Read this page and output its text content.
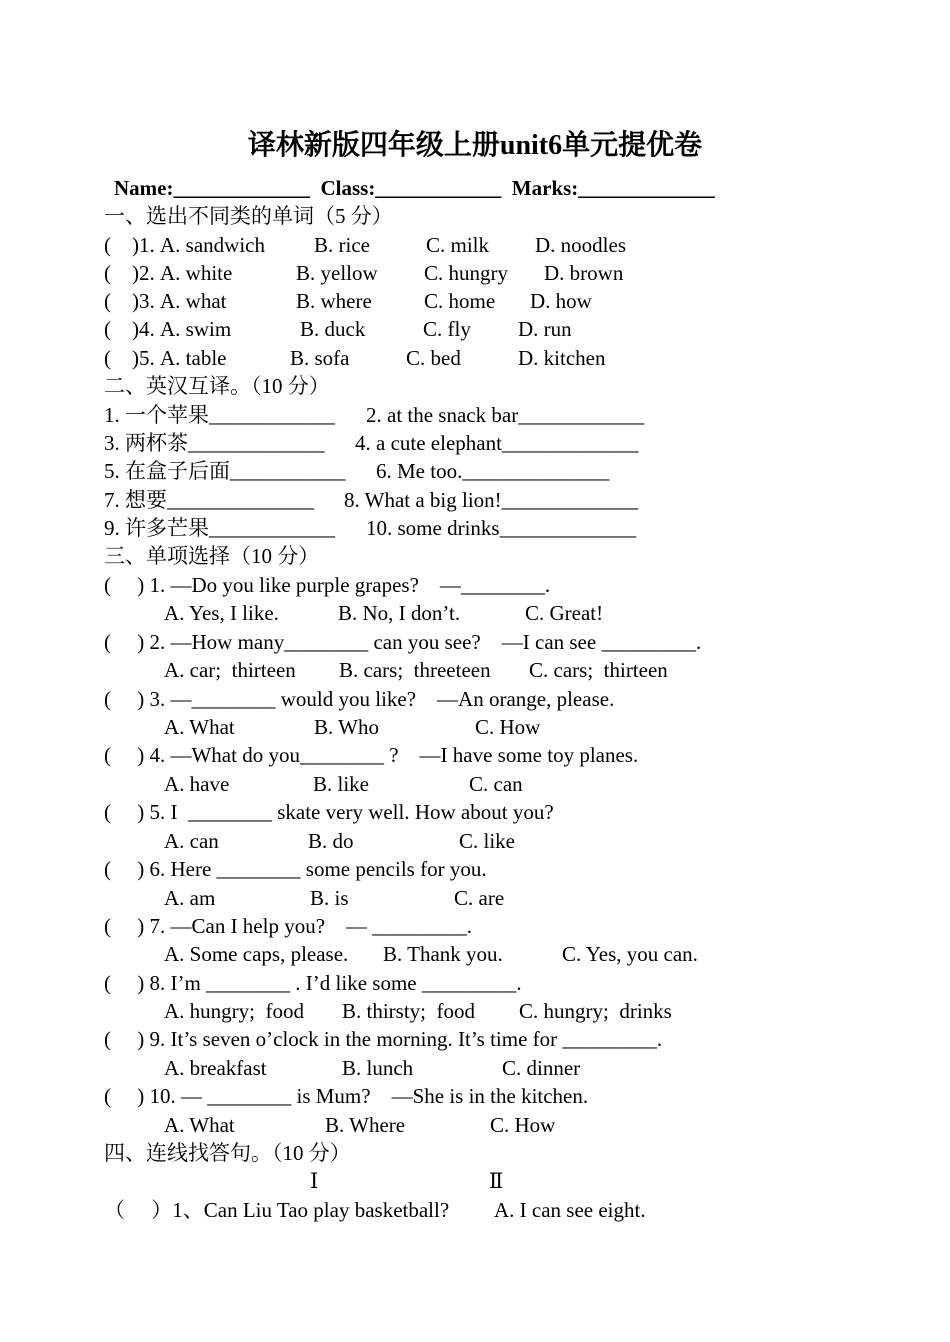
译林新版四年级上册unit6单元提优卷
Name:_____________  Class:____________  Marks:_____________
一、选出不同类的单词（5 分）
(    )1. A. sandwich B. rice	C. milk D. noodles
(    )2. A. white	B. yellow C. hungry D. brown
(    )3. A. what	B. where C. home D. how
(    )4. A. swim	B. duck	C. fly D. run
(    )5. A. table	B. sofa	C. bed	D. kitchen
二、英汉互译。（10 分）
1. 一个苹果____________ 2. at the snack bar____________
3. 两杯茶_____________ 4. a cute elephant_____________
5. 在盒子后面___________ 6. Me too.______________
7. 想要______________ 8. What a big lion!_____________
9. 许多芒果____________ 10. some drinks_____________
三、单项选择（10 分）
(     ) 1. —Do you like purple grapes?    —________.
A. Yes, I like.	B. No, I don’t.	C. Great!
(     ) 2. —How many________ can you see?    —I can see _________.
A. car;  thirteen B. cars;  threeteen C. cars;  thirteen
(     ) 3. —________ would you like?    —An orange, please.
A. What	B. Who	C. How
(     ) 4. —What do you________ ?    —I have some toy planes.
A. have	B. like	C. can
(     ) 5. I  ________ skate very well. How about you?
A. can	B. do	C. like
(     ) 6. Here ________ some pencils for you.
A. am	B. is	C. are
(     ) 7. —Can I help you?    — _________.
A. Some caps, please. B. Thank you.	C. Yes, you can.
(     ) 8. I’m ________ . I’d like some _________.
A. hungry;  food B. thirsty;  food C. hungry;  drinks
(     ) 9. It’s seven o’clock in the morning. It’s time for _________.
A. breakfast	B. lunch	C. dinner
(     ) 10. — ________ is Mum?    —She is in the kitchen.
A. What	B. Where	C. How
四、连线找答句。（10 分）
Ⅰ	Ⅱ
（     ）1、Can Liu Tao play basketball? A. I can see eight.
